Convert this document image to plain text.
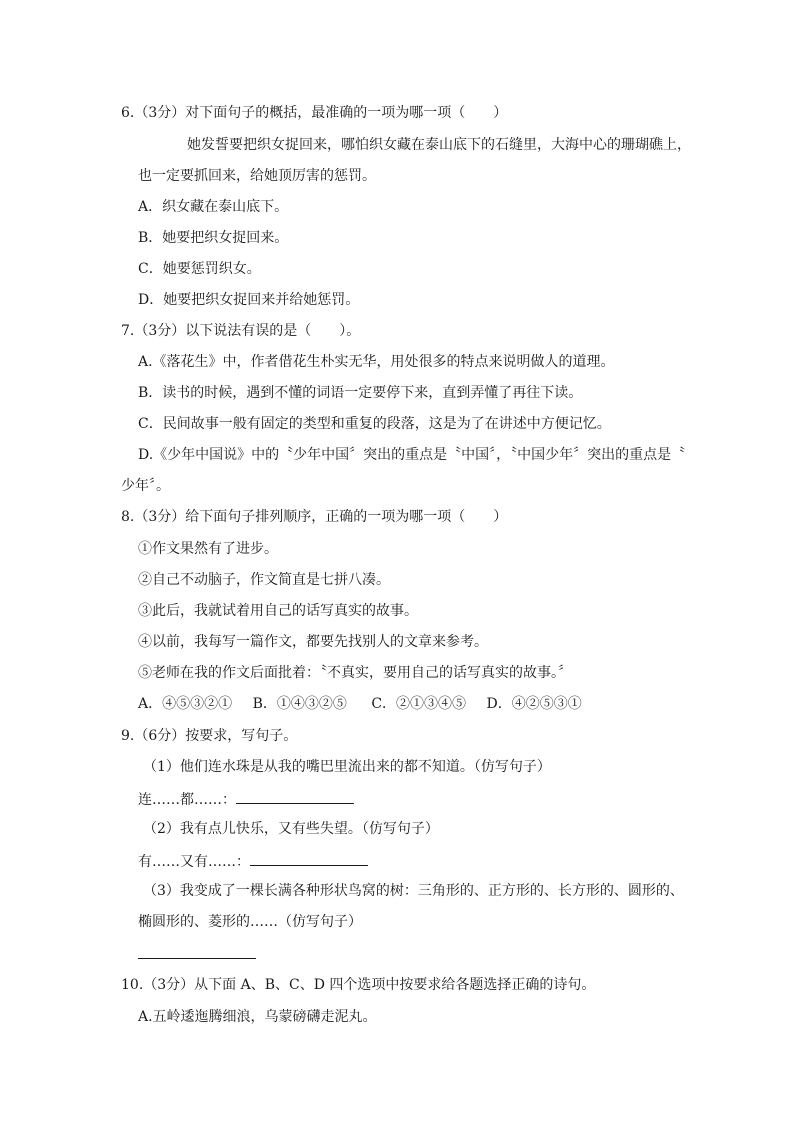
6.（3分）对下面句子的概括，最准确的一项为哪一项（　　）
她发誓要把织女捉回来，哪怕织女藏在泰山底下的石缝里，大海中心的珊瑚礁上，
也一定要抓回来，给她顶厉害的惩罚。
A．织女藏在泰山底下。
B．她要把织女捉回来。
C．她要惩罚织女。
D．她要把织女捉回来并给她惩罚。
7.（3分）以下说法有误的是（　　）。
A.《落花生》中，作者借花生朴实无华，用处很多的特点来说明做人的道理。
B．读书的时候，遇到不懂的词语一定要停下来，直到弄懂了再往下读。
C．民间故事一般有固定的类型和重复的段落，这是为了在讲述中方便记忆。
D.《少年中国说》中的〝少年中国〞突出的重点是〝中国〞，〝中国少年〞突出的重点是〝
少年〞。
8.（3分）给下面句子排列顺序，正确的一项为哪一项（　　）
①作文果然有了进步。
②自己不动脑子，作文简直是七拼八凑。
③此后，我就试着用自己的话写真实的故事。
④以前，我每写一篇作文，都要先找别人的文章来参考。
⑤老师在我的作文后面批着：〝不真实，要用自己的话写真实的故事。〞
A．④⑤③②① B．①④③②⑤ C．②①③④⑤ D．④②⑤③①
9.（6分）按要求，写句子。
（1）他们连水珠是从我的嘴巴里流出来的都不知道。（仿写句子）
连……都……：
（2）我有点儿快乐，又有些失望。（仿写句子）
有……又有……：
（3）我变成了一棵长满各种形状鸟窝的树：三角形的、正方形的、长方形的、圆形的、
椭圆形的、菱形的……（仿写句子）
10.（3分）从下面 A、B、C、D 四个选项中按要求给各题选择正确的诗句。
A.五岭逶迤腾细浪，乌蒙磅礴走泥丸。
